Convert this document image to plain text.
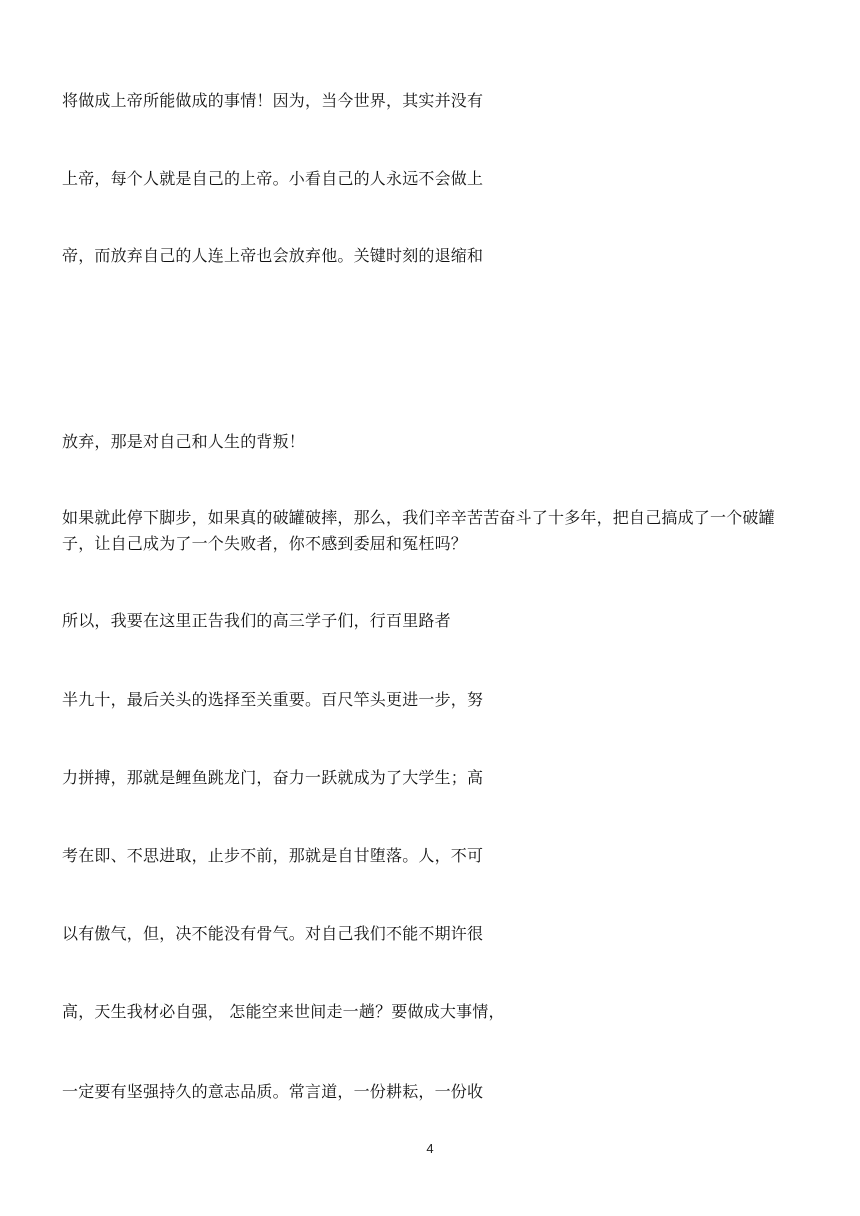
将做成上帝所能做成的事情！因为，当今世界，其实并没有
上帝，每个人就是自己的上帝。小看自己的人永远不会做上
帝，而放弃自己的人连上帝也会放弃他。关键时刻的退缩和
放弃，那是对自己和人生的背叛！
如果就此停下脚步，如果真的破罐破摔，那么，我们辛辛苦苦奋斗了十多年，把自己搞成了一个破罐子，让自己成为了一个失败者，你不感到委屈和冤枉吗？
所以，我要在这里正告我们的高三学子们，行百里路者
半九十，最后关头的选择至关重要。百尺竿头更进一步，努
力拼搏，那就是鲤鱼跳龙门，奋力一跃就成为了大学生；高
考在即、不思进取，止步不前，那就是自甘堕落。人，不可
以有傲气，但，决不能没有骨气。对自己我们不能不期许很
高，天生我材必自强， 怎能空来世间走一趟？要做成大事情，
一定要有坚强持久的意志品质。常言道，一份耕耘，一份收
4
